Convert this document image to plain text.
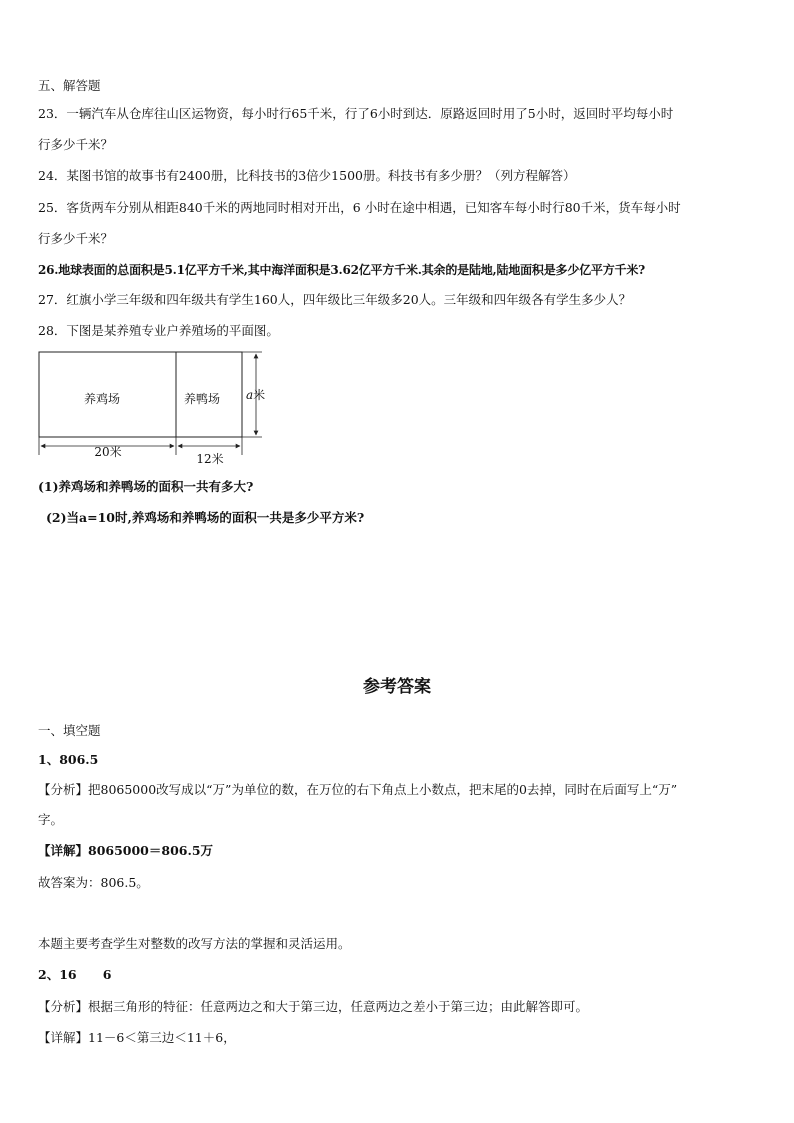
五、解答题
23．一辆汽车从仓库往山区运物资，每小时行65千米，行了6小时到达．原路返回时用了5小时，返回时平均每小时
行多少千米？
24．某图书馆的故事书有2400册，比科技书的3倍少1500册。科技书有多少册？（列方程解答）
25．客货两车分别从相距840千米的两地同时相对开出，6 小时在途中相遇，已知客车每小时行80千米，货车每小时
行多少千米？
26.地球表面的总面积是5.1亿平方千米,其中海洋面积是3.62亿平方千米.其余的是陆地,陆地面积是多少亿平方千米?
27．红旗小学三年级和四年级共有学生160人，四年级比三年级多20人。三年级和四年级各有学生多少人？
28．下图是某养殖专业户养殖场的平面图。
养鸡场	养鸭场 a米
20米	12米
(1)养鸡场和养鸭场的面积一共有多大?
(2)当a=10时,养鸡场和养鸭场的面积一共是多少平方米?
参考答案
一、填空题
1、806.5
【分析】把8065000改写成以“万”为单位的数，在万位的右下角点上小数点，把末尾的0去掉，同时在后面写上“万”
字。
【详解】8065000＝806.5万
故答案为：806.5。
本题主要考查学生对整数的改写方法的掌握和灵活运用。
2、16      6
【分析】根据三角形的特征：任意两边之和大于第三边，任意两边之差小于第三边；由此解答即可。
【详解】11－6＜第三边＜11＋6，
